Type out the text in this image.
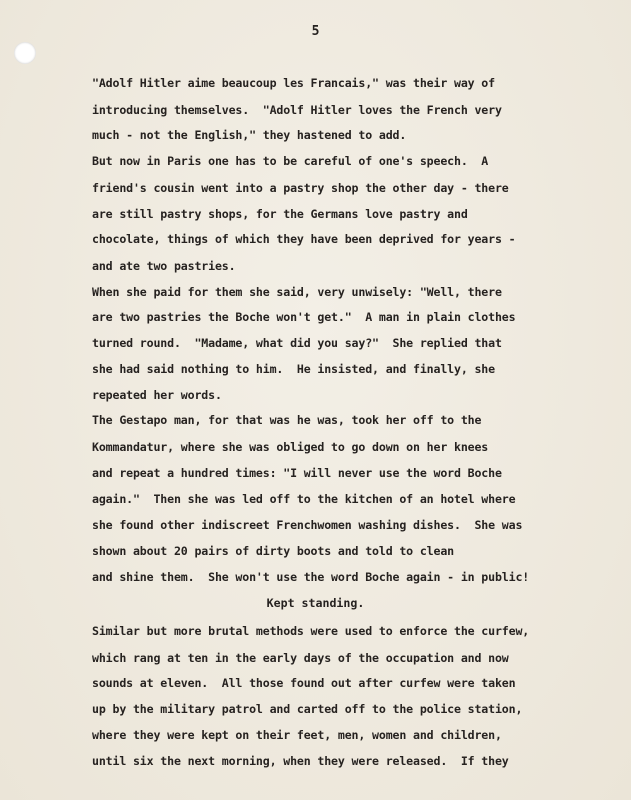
5
"Adolf Hitler aime beaucoup les Francais," was their way of
introducing themselves.  "Adolf Hitler loves the French very
much - not the English," they hastened to add.
But now in Paris one has to be careful of one's speech.  A
friend's cousin went into a pastry shop the other day - there
are still pastry shops, for the Germans love pastry and
chocolate, things of which they have been deprived for years -
and ate two pastries.
When she paid for them she said, very unwisely: "Well, there
are two pastries the Boche won't get."  A man in plain clothes
turned round.  "Madame, what did you say?"  She replied that
she had said nothing to him.  He insisted, and finally, she
repeated her words.
The Gestapo man, for that was he was, took her off to the
Kommandatur, where she was obliged to go down on her knees
and repeat a hundred times: "I will never use the word Boche
again."  Then she was led off to the kitchen of an hotel where
she found other indiscreet Frenchwomen washing dishes.  She was
shown about 20 pairs of dirty boots and told to clean
and shine them.  She won't use the word Boche again - in public!
Kept standing.
Similar but more brutal methods were used to enforce the curfew,
which rang at ten in the early days of the occupation and now
sounds at eleven.  All those found out after curfew were taken
up by the military patrol and carted off to the police station,
where they were kept on their feet, men, women and children,
until six the next morning, when they were released.  If they
